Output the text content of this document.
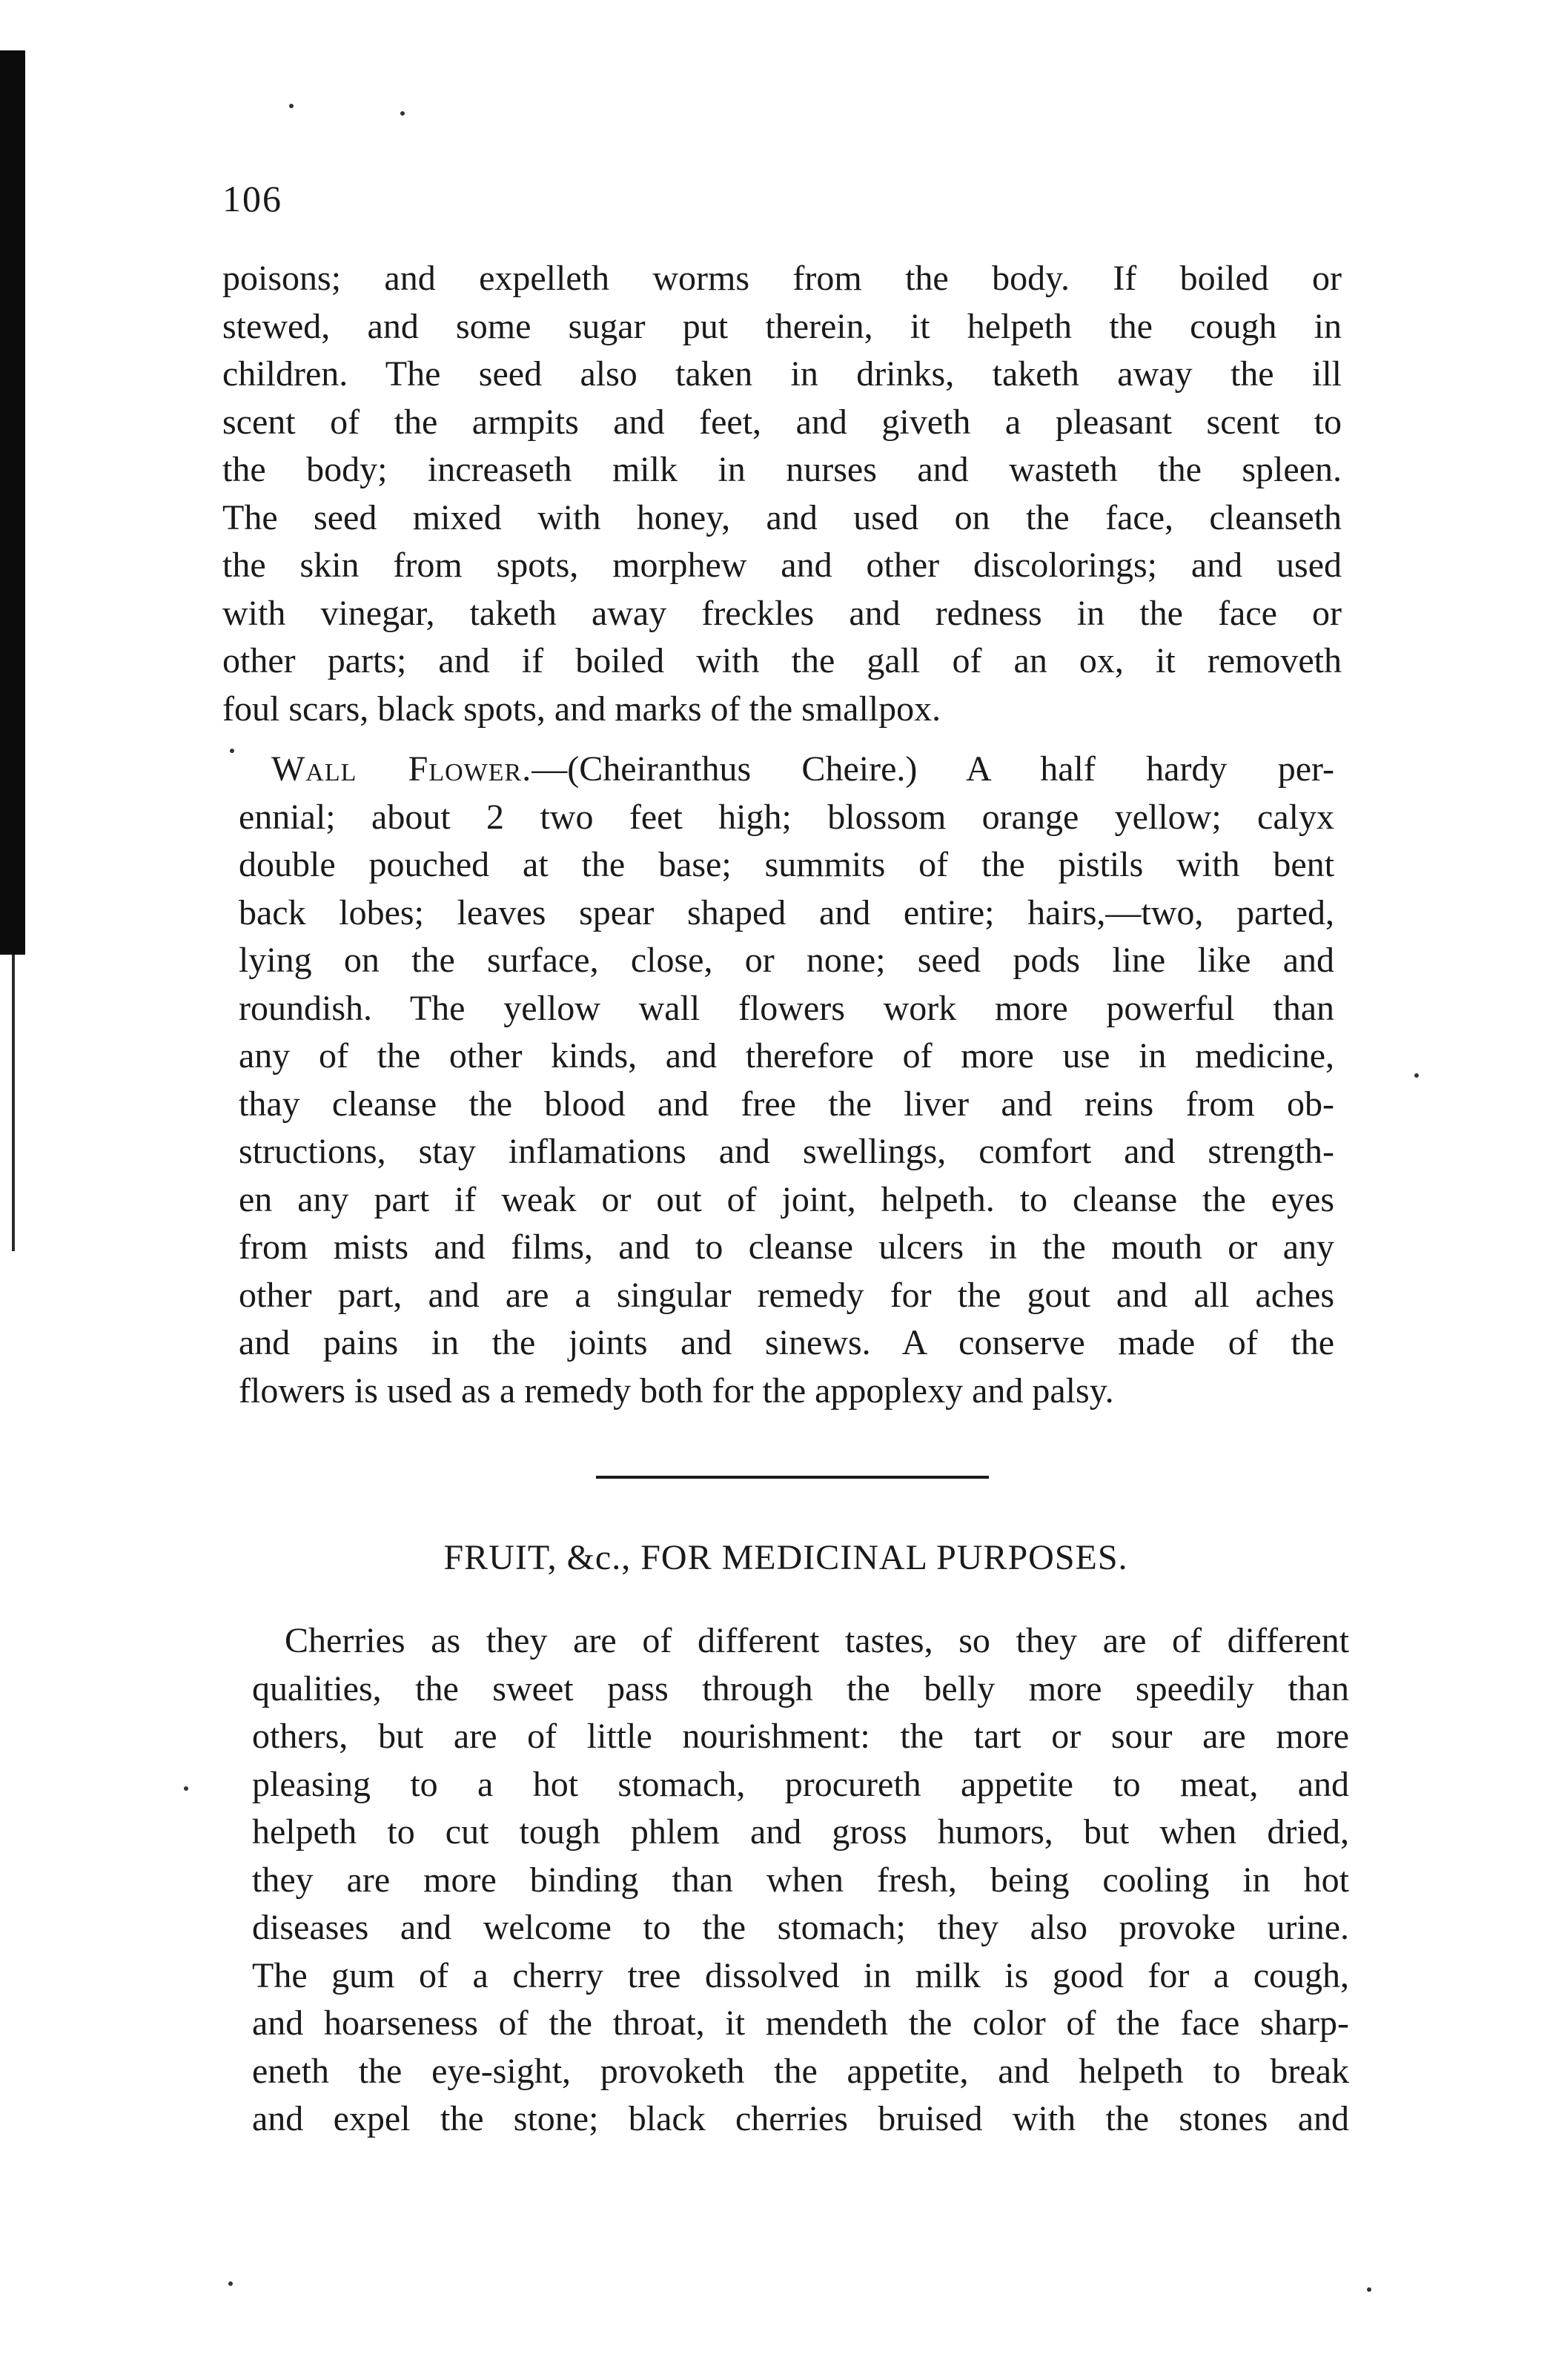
106
poisons; and expelleth worms from the body. If boiled or
stewed, and some sugar put therein, it helpeth the cough in
children. The seed also taken in drinks, taketh away the ill
scent of the armpits and feet, and giveth a pleasant scent to
the body; increaseth milk in nurses and wasteth the spleen.
The seed mixed with honey, and used on the face, cleanseth
the skin from spots, morphew and other discolorings; and used
with vinegar, taketh away freckles and redness in the face or
other parts; and if boiled with the gall of an ox, it removeth
foul scars, black spots, and marks of the smallpox.
Wall Flower.—(Cheiranthus Cheire.) A half hardy per-
ennial; about 2 two feet high; blossom orange yellow; calyx
double pouched at the base; summits of the pistils with bent
back lobes; leaves spear shaped and entire; hairs,—two, parted,
lying on the surface, close, or none; seed pods line like and
roundish. The yellow wall flowers work more powerful than
any of the other kinds, and therefore of more use in medicine,
thay cleanse the blood and free the liver and reins from ob-
structions, stay inflamations and swellings, comfort and strength-
en any part if weak or out of joint, helpeth. to cleanse the eyes
from mists and films, and to cleanse ulcers in the mouth or any
other part, and are a singular remedy for the gout and all aches
and pains in the joints and sinews. A conserve made of the
flowers is used as a remedy both for the appoplexy and palsy.
FRUIT, &c., FOR MEDICINAL PURPOSES.
Cherries as they are of different tastes, so they are of different
qualities, the sweet pass through the belly more speedily than
others, but are of little nourishment: the tart or sour are more
pleasing to a hot stomach, procureth appetite to meat, and
helpeth to cut tough phlem and gross humors, but when dried,
they are more binding than when fresh, being cooling in hot
diseases and welcome to the stomach; they also provoke urine.
The gum of a cherry tree dissolved in milk is good for a cough,
and hoarseness of the throat, it mendeth the color of the face sharp-
eneth the eye-sight, provoketh the appetite, and helpeth to break
and expel the stone; black cherries bruised with the stones and
